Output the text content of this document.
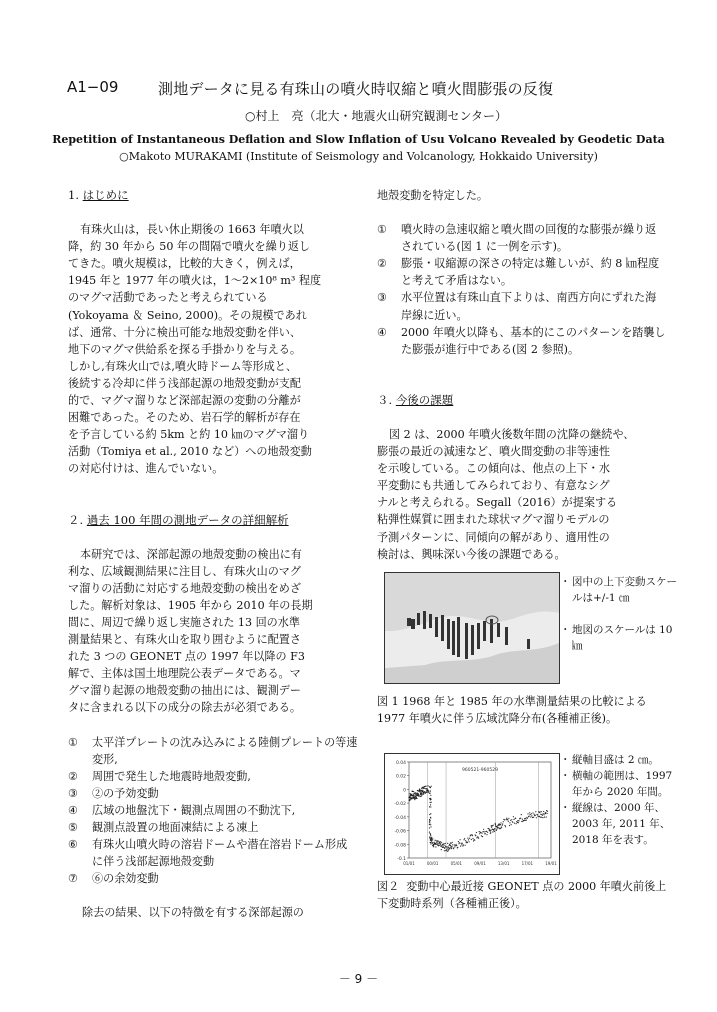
A1−09	測地データに見る有珠山の噴火時収縮と噴火間膨張の反復
○村上　亮（北大・地震火山研究観測センター）
Repetition of Instantaneous Deflation and Slow Inflation of Usu Volcano Revealed by Geodetic Data
○Makoto MURAKAMI (Institute of Seismology and Volcanology, Hokkaido University)
1. はじめに

有珠火山は，長い休止期後の 1663 年噴火以

降，約 30 年から 50 年の間隔で噴火を繰り返し

てきた。噴火規模は，比較的大きく，例えば，

1945 年と 1977 年の噴火は，1～2×10⁸ m³ 程度

のマグマ活動であったと考えられている

(Yokoyama ＆ Seino, 2000)。その規模であれ

ば、通常、十分に検出可能な地殻変動を伴い、

地下のマグマ供給系を探る手掛かりを与える。

しかし,有珠火山では,噴火時ドーム等形成と、

後続する冷却に伴う浅部起源の地殻変動が支配

的で、マグマ溜りなど深部起源の変動の分離が

困難であった。そのため、岩石学的解析が存在

を予言している約 5km と約 10 ㎞のマグマ溜り

活動（Tomiya et al., 2010 など）への地殻変動

の対応付けは、進んでいない。

２. 過去 100 年間の測地データの詳細解析

本研究では、深部起源の地殻変動の検出に有

利な、広域観測結果に注目し、有珠火山のマグ

マ溜りの活動に対応する地殻変動の検出をめざ

した。解析対象は、1905 年から 2010 年の長期

間に、周辺で繰り返し実施された 13 回の水準

測量結果と、有珠火山を取り囲むように配置さ

れた 3 つの GEONET 点の 1997 年以降の F3

解で、主体は国土地理院公表データである。マ

グマ溜り起源の地殻変動の抽出には、観測デー

タに含まれる以下の成分の除去が必須である。

① 太平洋プレートの沈み込みによる陸側プレートの等速変形,
② 周囲で発生した地震時地殻変動,
③ ②の予効変動
④ 広域の地盤沈下・観測点周囲の不動沈下,
⑤ 観測点設置の地面凍結による凍上
⑥ 有珠火山噴火時の溶岩ドームや潜在溶岩ドーム形成に伴う浅部起源地殻変動
⑦ ⑥の余効変動

除去の結果、以下の特徴を有する深部起源の

地殻変動を特定した。

① 噴火時の急速収縮と噴火間の回復的な膨張が繰り返されている(図 1 に一例を示す)。
② 膨張・収縮源の深さの特定は難しいが、約 8 ㎞程度と考えて矛盾はない。
③ 水平位置は有珠山直下よりは、南西方向にずれた海岸線に近い。
④ 2000 年噴火以降も、基本的にこのパターンを踏襲した膨張が進行中である(図 2 参照)。
３. 今後の課題

図 2 は、2000 年噴火後数年間の沈降の継続や、

膨張の最近の減速など、噴火間変動の非等速性

を示唆している。この傾向は、他点の上下・水

平変動にも共通してみられており、有意なシグ

ナルと考えられる。Segall（2016）が提案する

粘弾性媒質に囲まれた球状マグマ溜りモデルの

予測パターンに、同傾向の解があり、適用性の

検討は、興味深い今後の課題である。

・ 図中の上下変動スケールは+/-1 ㎝
・ 地図のスケールは 10 ㎞
図 1 1968 年と 1985 年の水準測量結果の比較による 1977 年噴火に伴う広域沈降分布(各種補正後)。
0.04
0.02
0
-0.02
-0.04
-0.06
-0.08
-0.1
01/01	00/01	05/01	09/01	13/01	17/01	19/01
960521-960529
・ 縦軸目盛は 2 ㎝。
・ 横軸の範囲は、1997 年から 2020 年間。
・ 縦線は、2000 年、2003 年, 2011 年、2018 年を表す。
図２ 変動中心最近接 GEONET 点の 2000 年噴火前後上下変動時系列（各種補正後）。
－ 9 －
